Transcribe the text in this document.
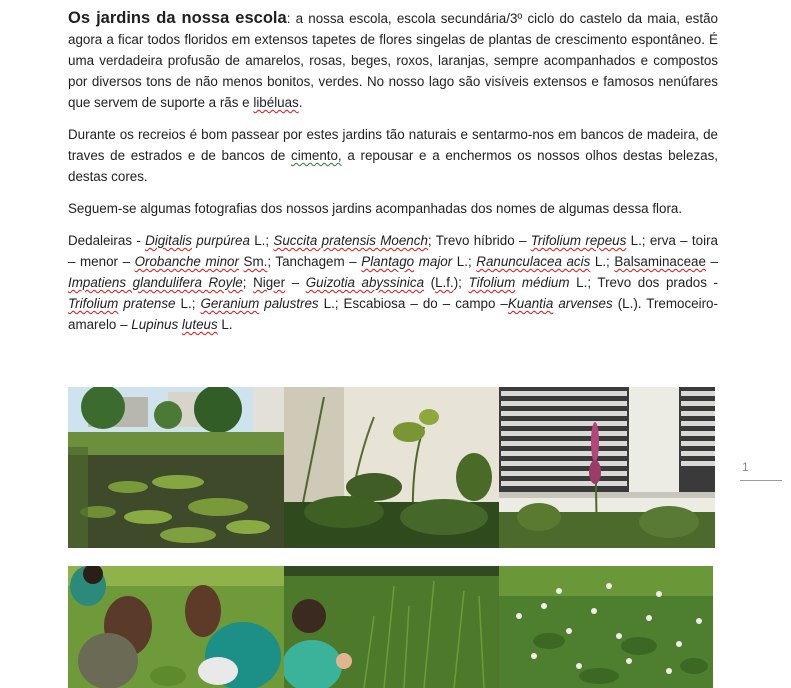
Os jardins da nossa escola: a nossa escola, escola secundária/3º ciclo do castelo da maia, estão agora a ficar todos floridos em extensos tapetes de flores singelas de plantas de crescimento espontâneo. É uma verdadeira profusão de amarelos, rosas, beges, roxos, laranjas, sempre acompanhados e compostos por diversos tons de não menos bonitos, verdes. No nosso lago são visíveis extensos e famosos nenúfares que servem de suporte a rãs e libéluas.

Durante os recreios é bom passear por estes jardins tão naturais e sentarmo-nos em bancos de madeira, de traves de estrados e de bancos de cimento, a repousar e a enchermos os nossos olhos destas belezas, destas cores.

Seguem-se algumas fotografias dos nossos jardins acompanhadas dos nomes de algumas dessa flora.

Dedaleiras - Digitalis purpúrea L.; Succita pratensis Moench; Trevo híbrido – Trifolium repeus L.; erva – toira – menor – Orobanche minor Sm.; Tanchagem – Plantago major L.; Ranunculacea acis L.; Balsaminaceae – Impatiens glandulifera Royle; Niger – Guizotia abyssinica (L.f.); Tifolium médium L.; Trevo dos prados - Trifolium pratense L.; Geranium palustres L.; Escabiosa – do – campo –Kuantia arvenses (L.). Tremoceiro-amarelo – Lupinus luteus L.

1
